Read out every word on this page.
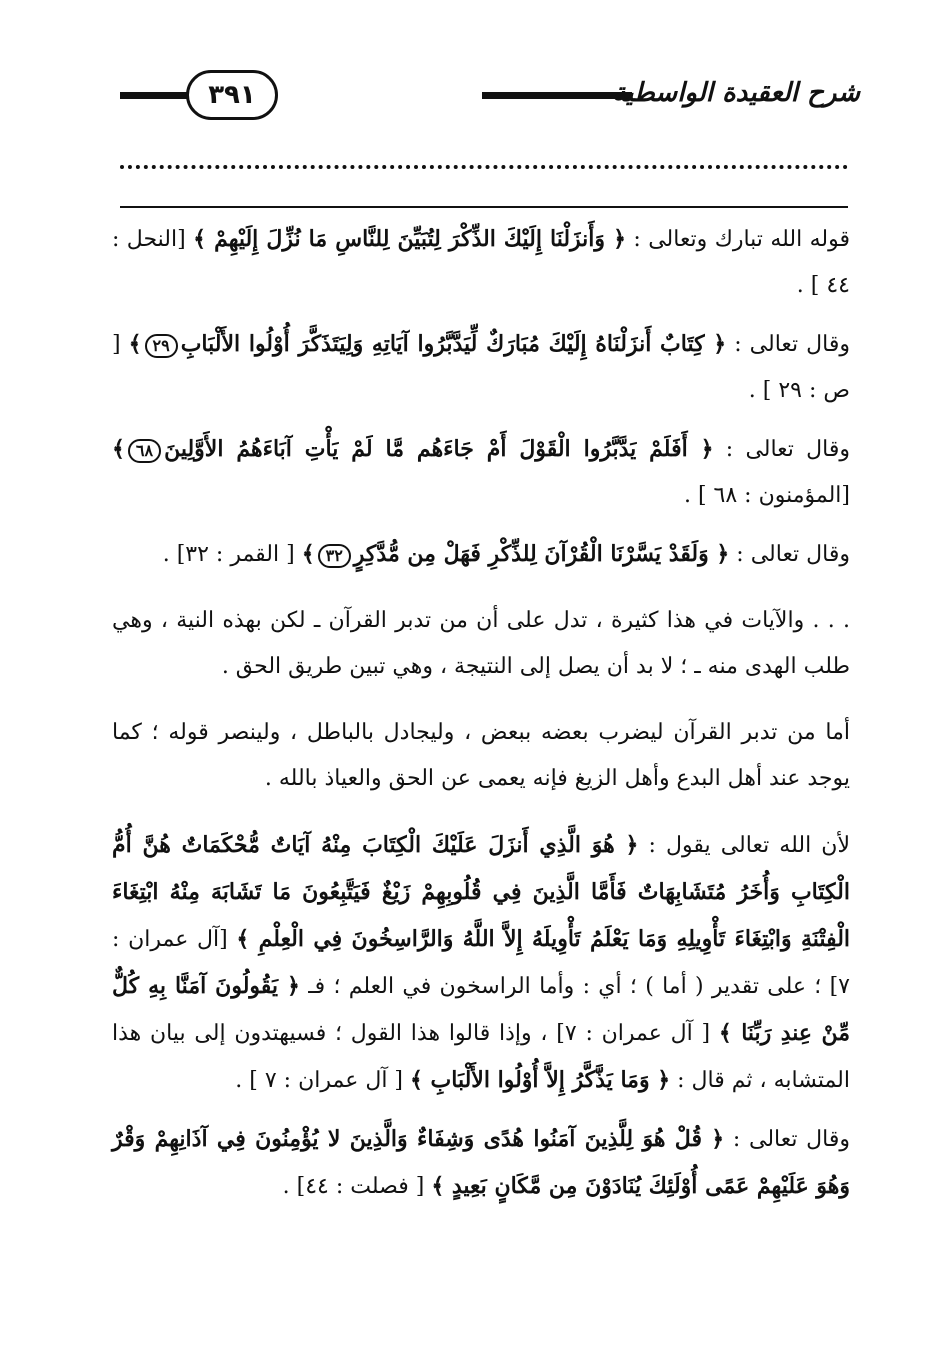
٣٩١	شرح العقيدة الواسطية

قوله الله تبارك وتعالى : ﴿ وَأَنزَلْنَا إِلَيْكَ الذِّكْرَ لِتُبَيِّنَ لِلنَّاسِ مَا نُزِّلَ إِلَيْهِمْ ﴾ [النحل : ٤٤ ] .

وقال تعالى : ﴿ كِتَابٌ أَنزَلْنَاهُ إِلَيْكَ مُبَارَكٌ لِّيَدَّبَّرُوا آيَاتِهِ وَلِيَتَذَكَّرَ أُوْلُوا الأَلْبَابِ٢٩﴾ [ ص : ٢٩ ] .

وقال تعالى : ﴿ أَفَلَمْ يَدَّبَّرُوا الْقَوْلَ أَمْ جَاءَهُم مَّا لَمْ يَأْتِ آبَاءَهُمُ الأَوَّلِينَ٦٨﴾ [المؤمنون : ٦٨ ] .

وقال تعالى : ﴿ وَلَقَدْ يَسَّرْنَا الْقُرْآنَ لِلذِّكْرِ فَهَلْ مِن مُّدَّكِرٍ٣٢﴾ [ القمر : ٣٢] .

. . . والآيات في هذا كثيرة ، تدل على أن من تدبر القرآن ـ لكن بهذه النية ، وهي طلب الهدى منه ـ ؛ لا بد أن يصل إلى النتيجة ، وهي تبين طريق الحق .

أما من تدبر القرآن ليضرب بعضه ببعض ، وليجادل بالباطل ، ولينصر قوله ؛ كما يوجد عند أهل البدع وأهل الزيغ فإنه يعمى عن الحق والعياذ بالله .

لأن الله تعالى يقول : ﴿ هُوَ الَّذِي أَنزَلَ عَلَيْكَ الْكِتَابَ مِنْهُ آيَاتٌ مُّحْكَمَاتٌ هُنَّ أُمُّ الْكِتَابِ وَأُخَرُ مُتَشَابِهَاتٌ فَأَمَّا الَّذِينَ فِي قُلُوبِهِمْ زَيْغٌ فَيَتَّبِعُونَ مَا تَشَابَهَ مِنْهُ ابْتِغَاءَ الْفِتْنَةِ وَابْتِغَاءَ تَأْوِيلِهِ وَمَا يَعْلَمُ تَأْوِيلَهُ إِلاَّ اللَّهُ وَالرَّاسِخُونَ فِي الْعِلْمِ ﴾ [آل عمران : ٧] ؛ على تقدير ( أما ) ؛ أي : وأما الراسخون في العلم ؛ فـ ﴿ يَقُولُونَ آمَنَّا بِهِ كُلٌّ مِّنْ عِندِ رَبِّنَا ﴾ [ آل عمران : ٧] ، وإذا قالوا هذا القول ؛ فسيهتدون إلى بيان هذا المتشابه ، ثم قال : ﴿ وَمَا يَذَّكَّرُ إِلاَّ أُوْلُوا الأَلْبَابِ ﴾ [ آل عمران : ٧ ] .

وقال تعالى : ﴿ قُلْ هُوَ لِلَّذِينَ آمَنُوا هُدًى وَشِفَاءٌ وَالَّذِينَ لا يُؤْمِنُونَ فِي آذَانِهِمْ وَقْرٌ وَهُوَ عَلَيْهِمْ عَمًى أُوْلَئِكَ يُنَادَوْنَ مِن مَّكَانٍ بَعِيدٍ ﴾ [ فصلت : ٤٤] .
